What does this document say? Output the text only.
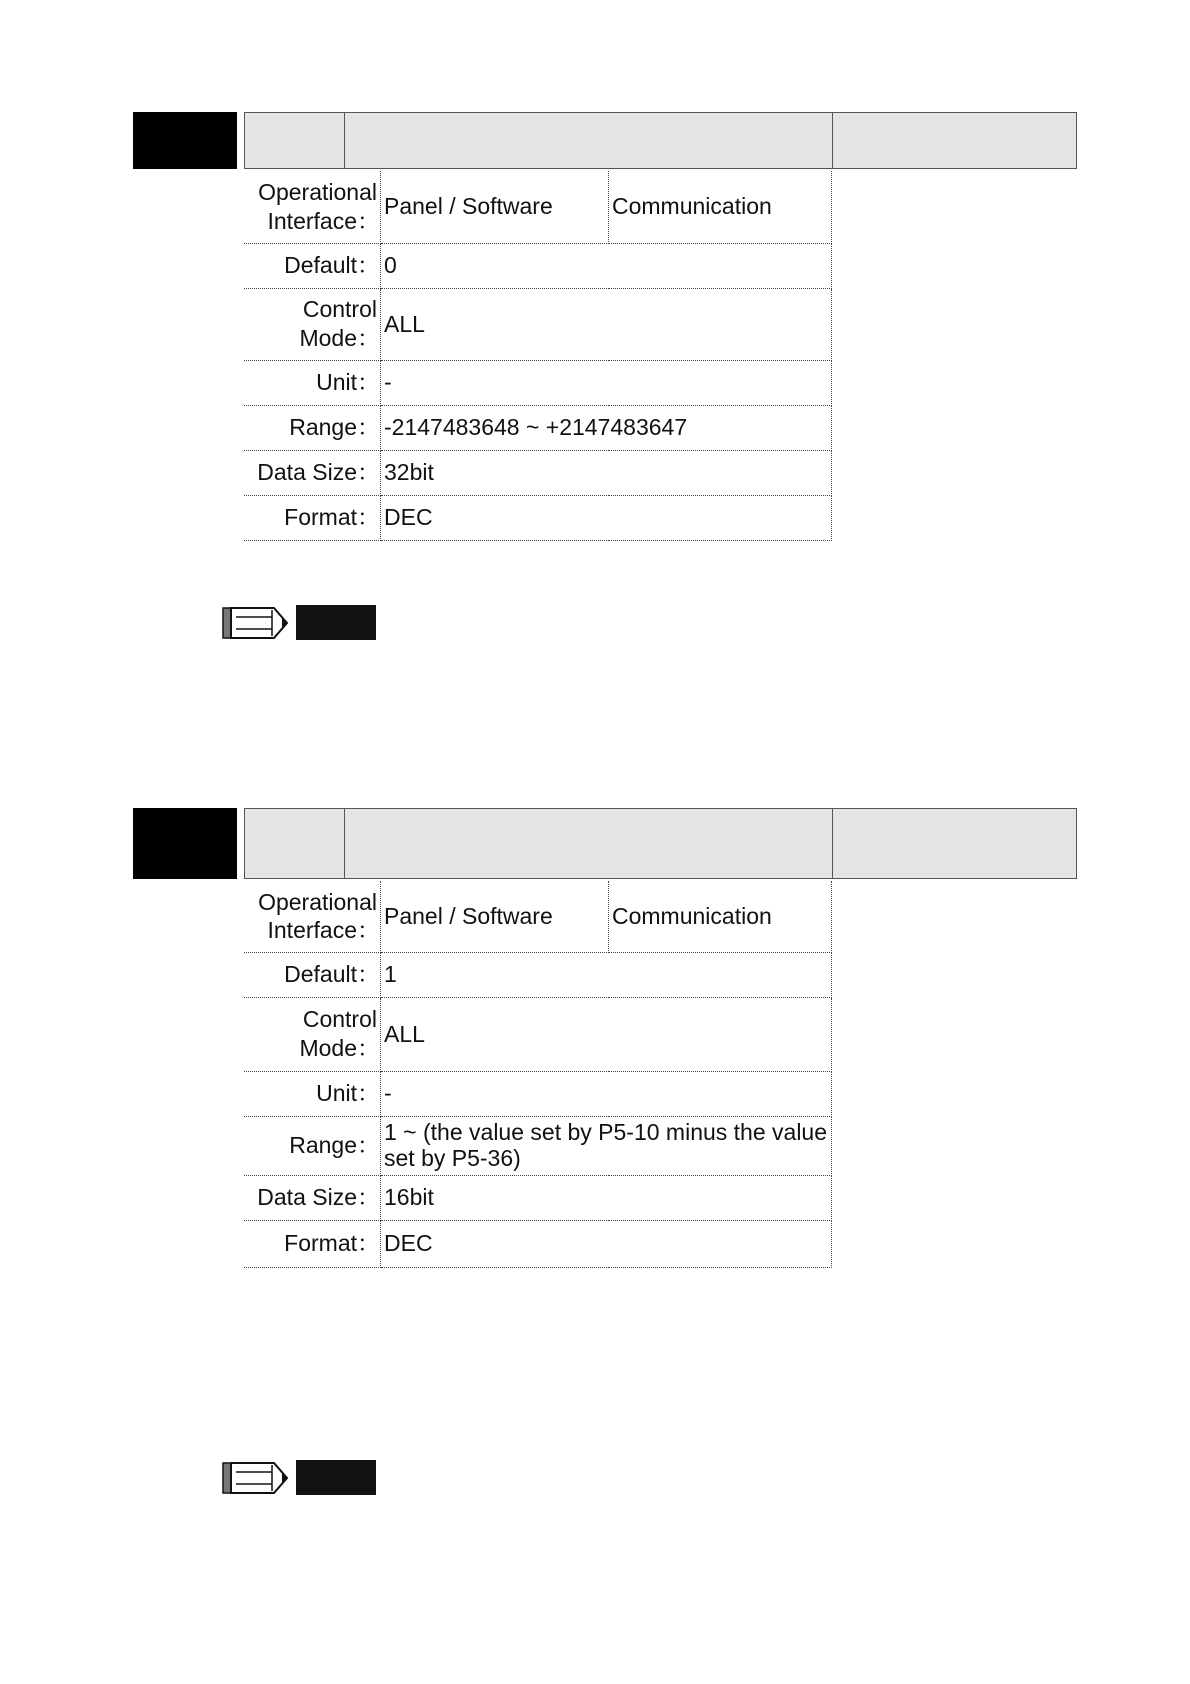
Operational
Interface：	Panel / Software	Communication
Default：	0	
Control
Mode：	ALL	
Unit：	-	
Range：	-2147483648 ~ +2147483647	
Data Size：	32bit	
Format：	DEC	
Operational
Interface：	Panel / Software	Communication
Default：	1	
Control
Mode：	ALL	
Unit：	-	
Range：	1 ~ (the value set by P5-10 minus the value set by P5-36)	
Data Size：	16bit	
Format：	DEC	
